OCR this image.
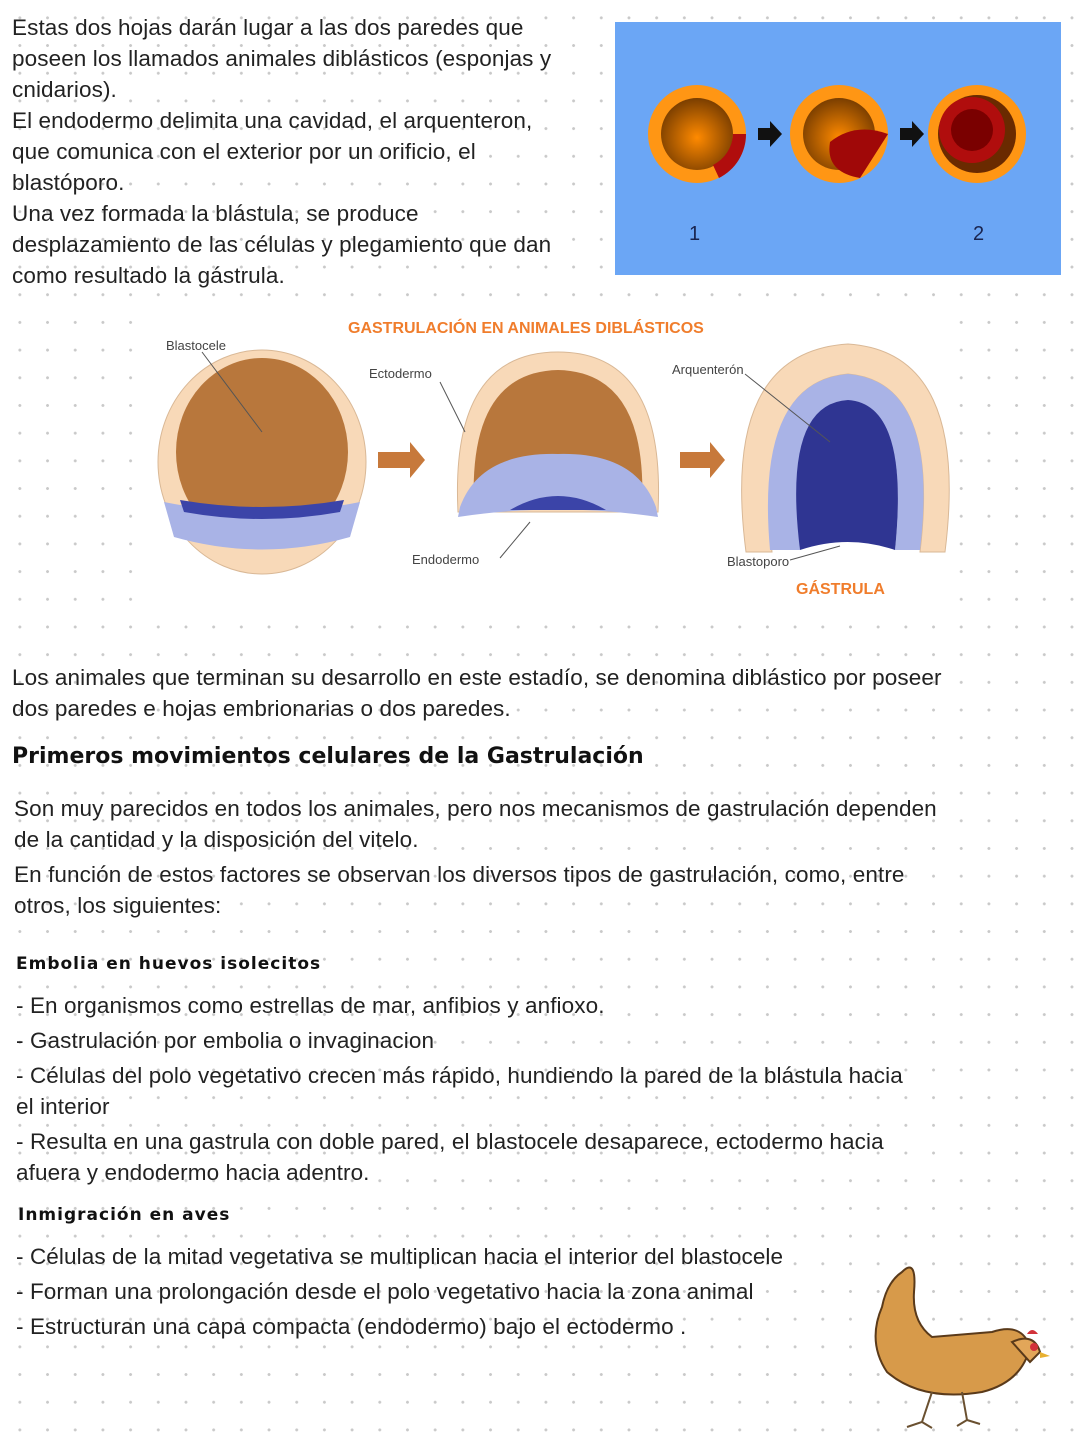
Estas dos hojas darán lugar a las dos paredes que
poseen los llamados animales diblásticos (esponjas y
cnidarios).
El endodermo delimita una cavidad, el arquenteron,
que comunica con el exterior por un orificio, el
blastóporo.
Una vez formada la blástula, se produce
desplazamiento de las células y plegamiento que dan
como resultado la gástrula.
1	2
GASTRULACIÓN EN ANIMALES DIBLÁSTICOS
Blastocele
Ectodermo
Endodermo
Arquenterón
Blastoporo
GÁSTRULA
Los animales que terminan su desarrollo en este estadío, se denomina diblástico por poseer
dos paredes e hojas embrionarias o dos paredes.
Primeros movimientos celulares de la Gastrulación
Son muy parecidos en todos los animales, pero nos mecanismos de gastrulación dependen
de la cantidad y la disposición del vitelo.
En función de estos factores se observan los diversos tipos de gastrulación, como, entre
otros, los siguientes:
Embolia en huevos isolecitos
- En organismos como estrellas de mar, anfibios y anfioxo.
- Gastrulación por embolia o invaginacion
- Células del polo vegetativo crecen más rápido, hundiendo la pared de la blástula hacia
el interior
- Resulta en una gastrula con doble pared, el blastocele desaparece, ectodermo hacia
afuera y endodermo hacia adentro.
Inmigración en aves
- Células de la mitad vegetativa se multiplican hacia el interior del blastocele
- Forman una prolongación desde el polo vegetativo hacia la zona animal
- Estructuran una capa compacta (endodermo) bajo el ectodermo .
